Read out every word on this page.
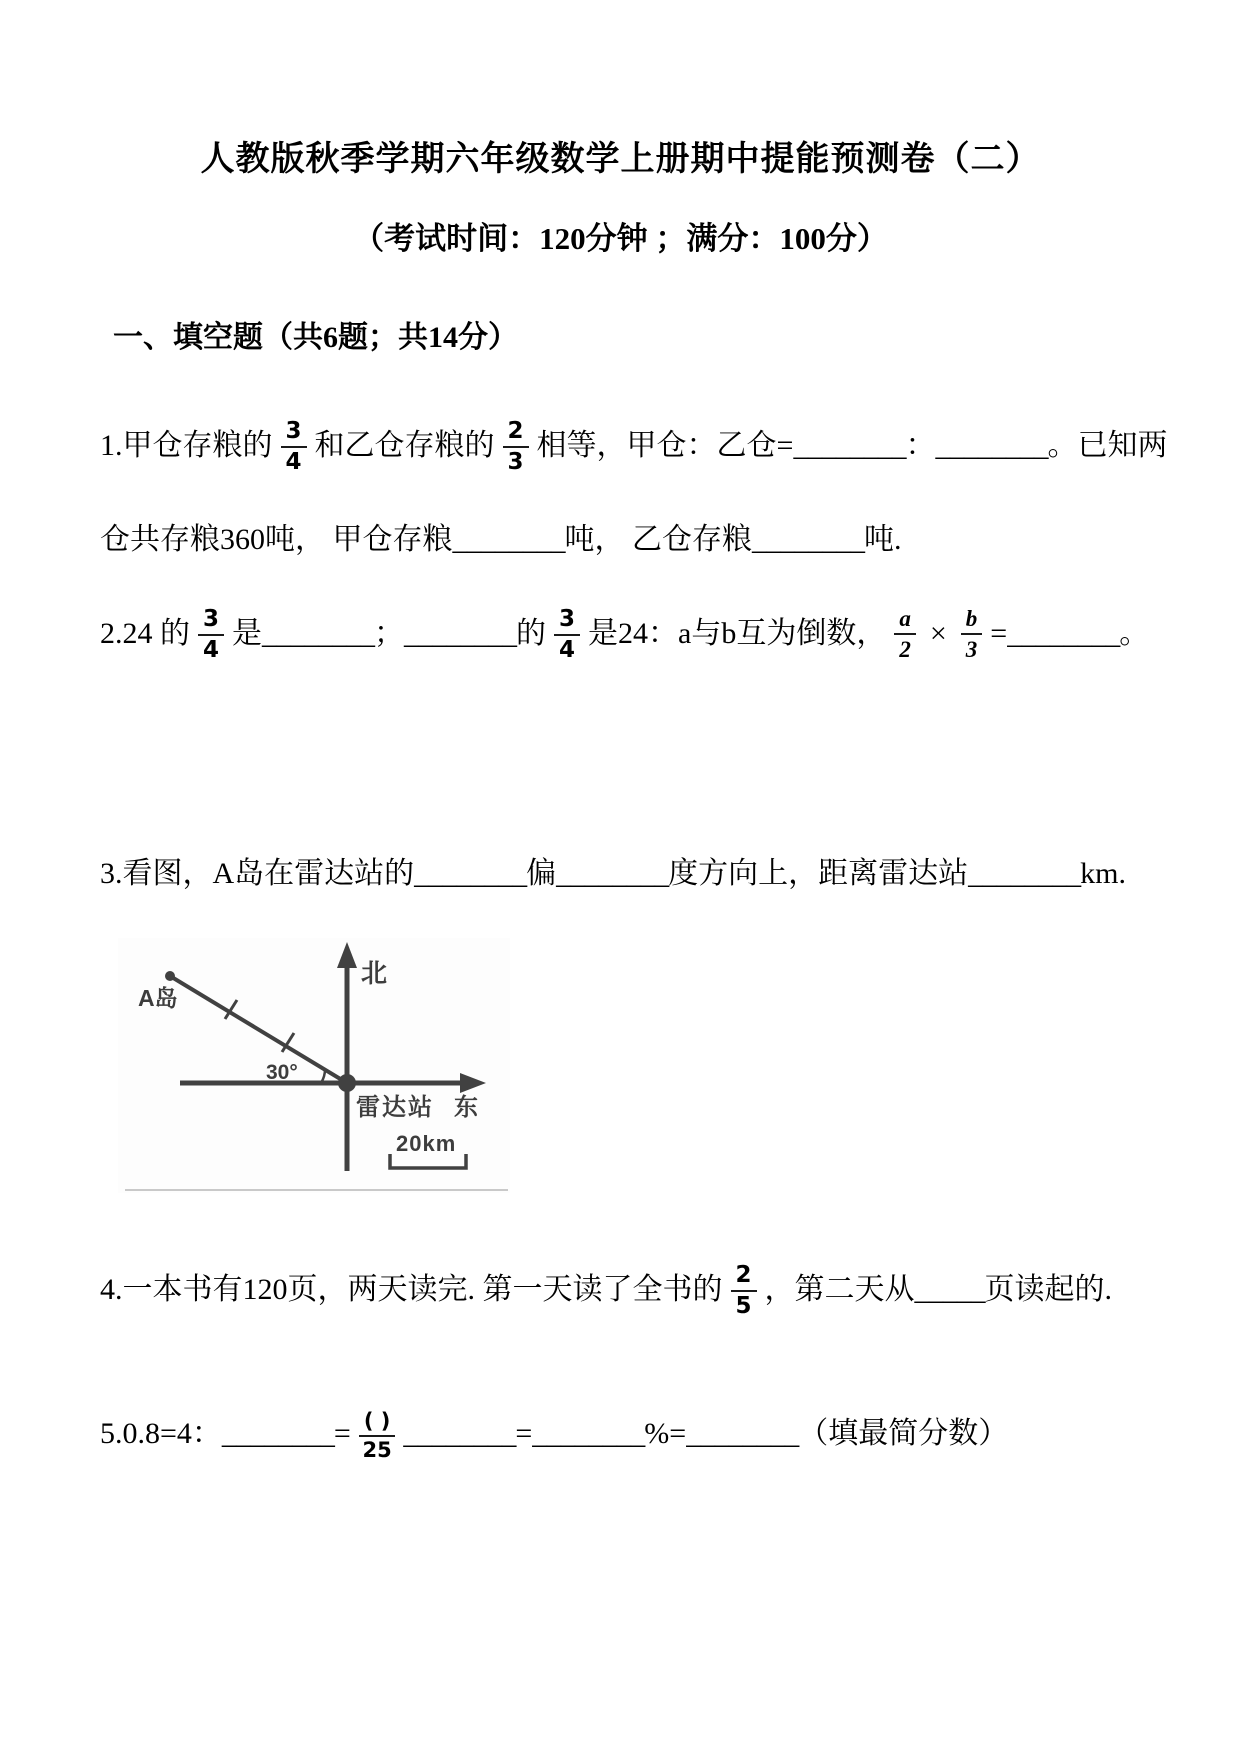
人教版秋季学期六年级数学上册期中提能预测卷（二）
（考试时间：120分钟 ；满分：100分）
一、填空题（共6题；共14分）
1.甲仓存粮的 $\frac{3}{4}$ 和乙仓存粮的 $\frac{2}{3}$ 相等，甲仓：乙仓=________：________。已知两
仓共存粮360吨， 甲仓存粮________吨， 乙仓存粮________吨.
2.24 的 $\frac{3}{4}$ 是________；________的 $\frac{3}{4}$ 是24：a与b互为倒数， $\frac{a}{2} \times \frac{b}{3}$ =________。
3.看图，A岛在雷达站的________偏________度方向上，距离雷达站________km.
北
A岛
30°
雷达站 东
20km
4.一本书有120页，两天读完. 第一天读了全书的 $\frac{2}{5}$ ，第二天从_____页读起的.
5.0.8=4：________= $\frac{( )}{25}$ ________=________%=________（填最简分数）
